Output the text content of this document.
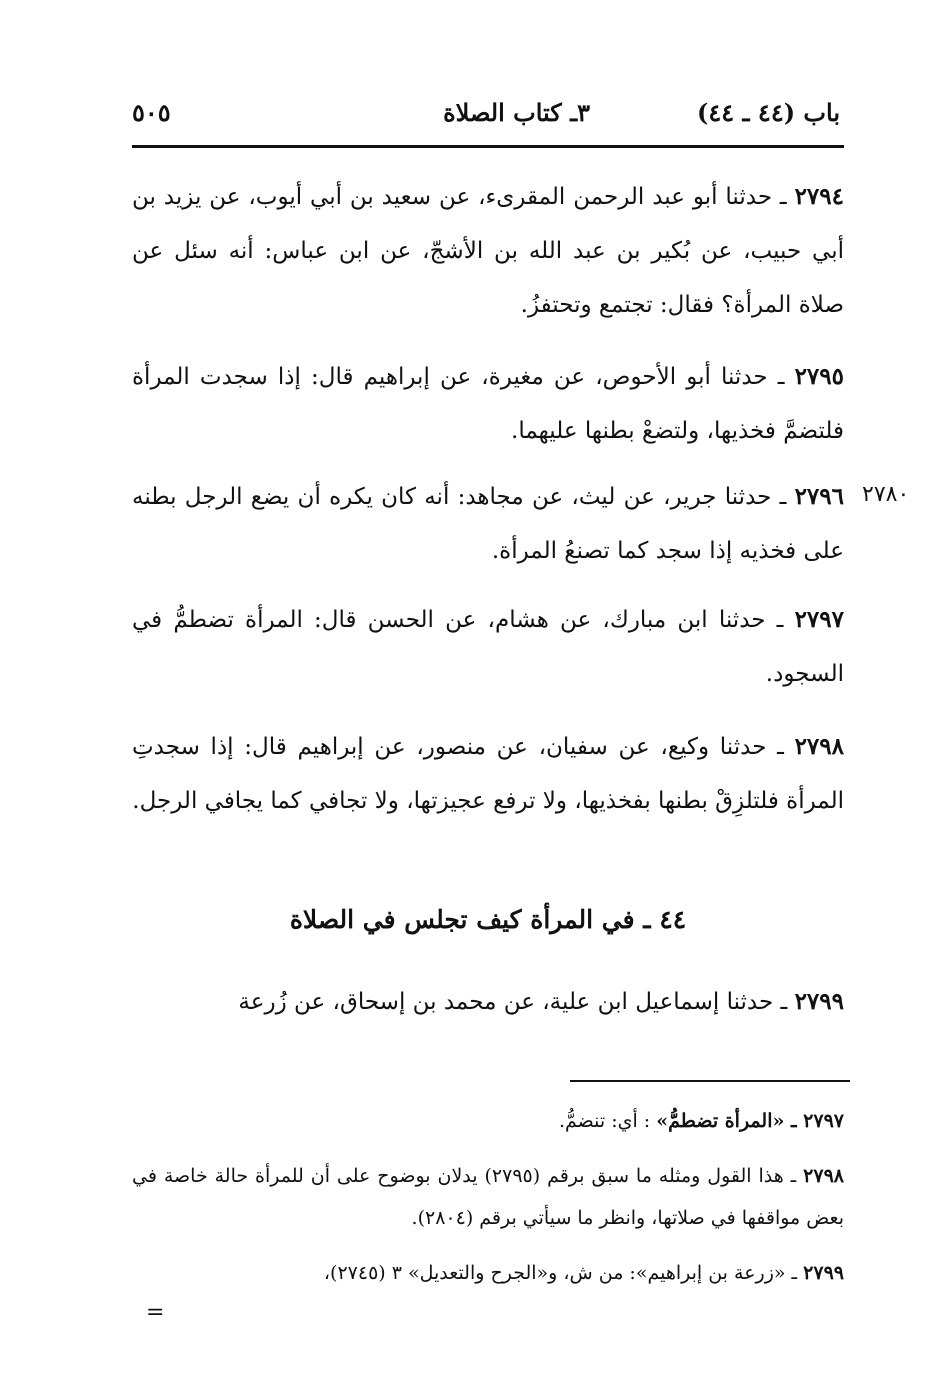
باب (٤٤ ـ ٤٤)
٣ـ كتاب الصلاة
٥٠٥
٢٧٩٤ ـ حدثنا أبو عبد الرحمن المقرىء، عن سعيد بن أبي أيوب، عن يزيد بن أبي حبيب، عن بُكير بن عبد الله بن الأشجّ، عن ابن عباس: أنه سئل عن صلاة المرأة؟ فقال: تجتمع وتحتفزُ.
٢٧٩٥ ـ حدثنا أبو الأحوص، عن مغيرة، عن إبراهيم قال: إذا سجدت المرأة فلتضمَّ فخذيها، ولتضعْ بطنها عليهما.
٢٧٨٠
٢٧٩٦ ـ حدثنا جرير، عن ليث، عن مجاهد: أنه كان يكره أن يضع الرجل بطنه على فخذيه إذا سجد كما تصنعُ المرأة.
٢٧٩٧ ـ حدثنا ابن مبارك، عن هشام، عن الحسن قال: المرأة تضطمُّ في السجود.
٢٧٩٨ ـ حدثنا وكيع، عن سفيان، عن منصور، عن إبراهيم قال: إذا سجدتِ المرأة فلتلزِقْ بطنها بفخذيها، ولا ترفع عجيزتها، ولا تجافي كما يجافي الرجل.
٤٤ ـ في المرأة كيف تجلس في الصلاة
٢٧٩٩ ـ حدثنا إسماعيل ابن علية، عن محمد بن إسحاق، عن زُرعة
٢٧٩٧ ـ «المرأة تضطمُّ» : أي: تنضمُّ.
٢٧٩٨ ـ هذا القول ومثله ما سبق برقم (٢٧٩٥) يدلان بوضوح على أن للمرأة حالة خاصة في بعض مواقفها في صلاتها، وانظر ما سيأتي برقم (٢٨٠٤).
٢٧٩٩ ـ «زرعة بن إبراهيم»: من ش، و«الجرح والتعديل» ٣ (٢٧٤٥)،
=
